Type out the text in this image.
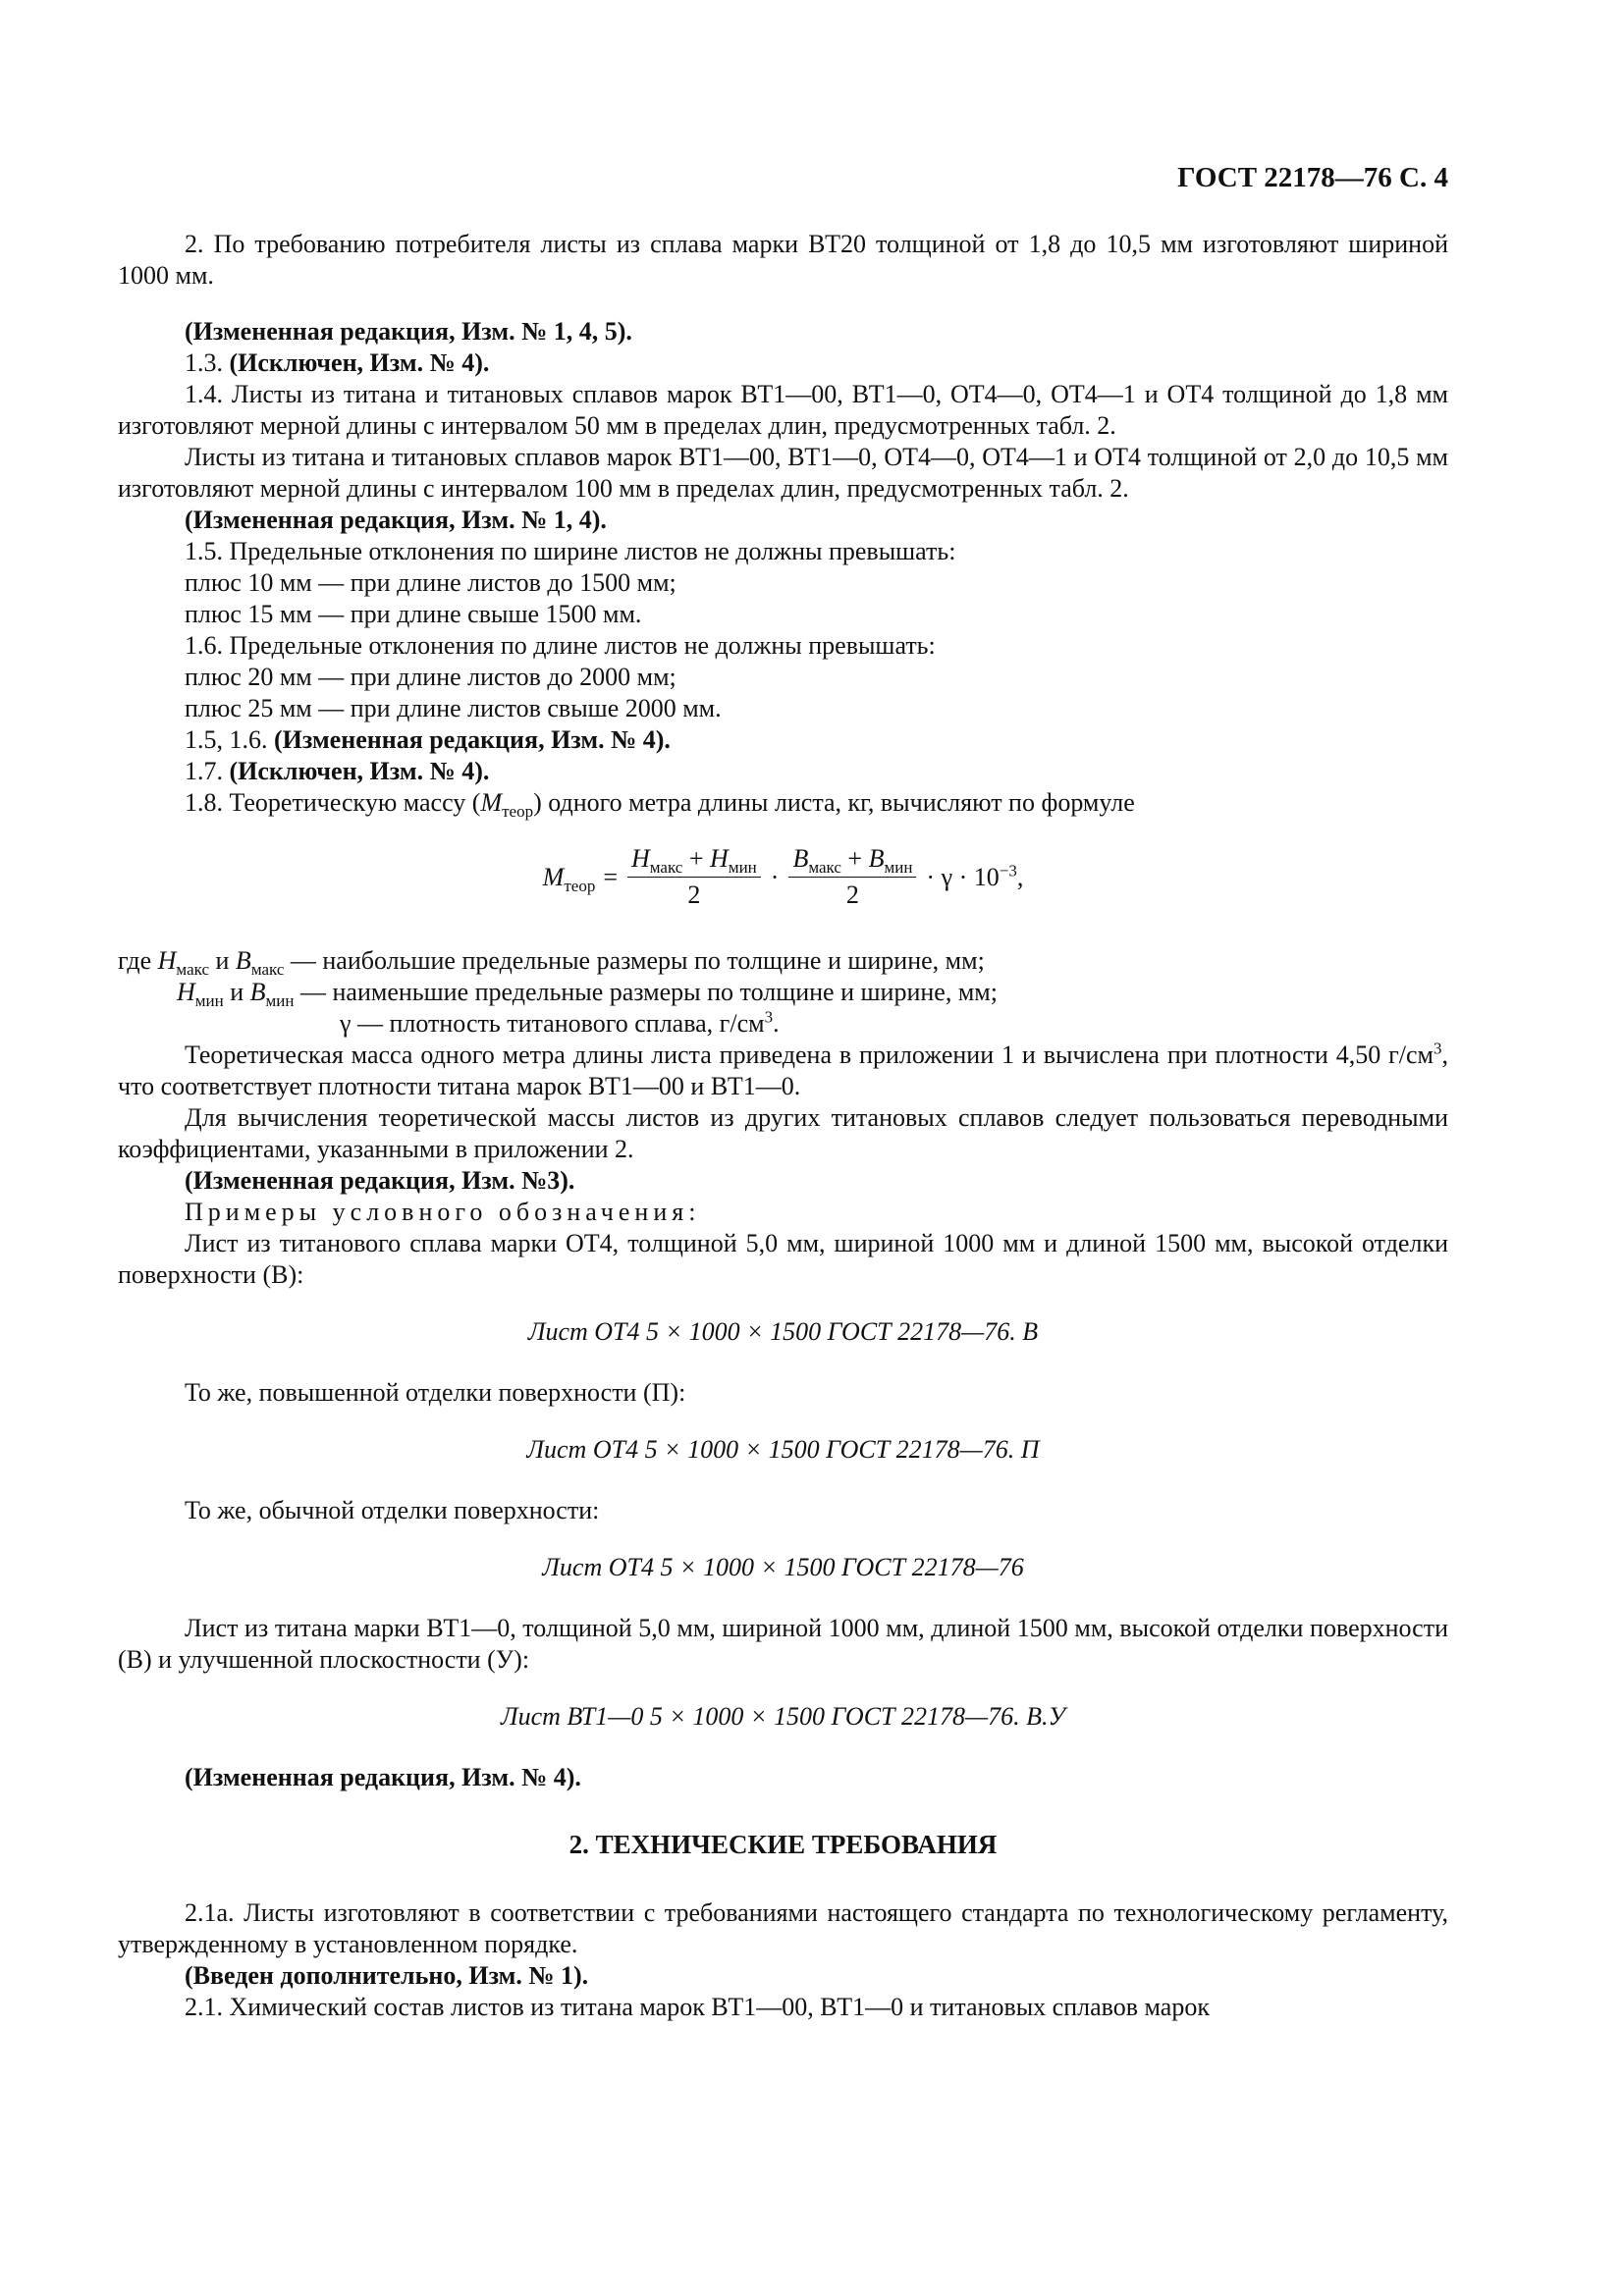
ГОСТ 22178—76 С. 4

2. По требованию потребителя листы из сплава марки ВТ20 толщиной от 1,8 до 10,5 мм изготовляют шириной 1000 мм.

(Измененная редакция, Изм. № 1, 4, 5).

1.3. (Исключен, Изм. № 4).

1.4. Листы из титана и титановых сплавов марок ВТ1—00, ВТ1—0, ОТ4—0, ОТ4—1 и ОТ4 толщиной до 1,8 мм изготовляют мерной длины с интервалом 50 мм в пределах длин, предусмотренных табл. 2.

Листы из титана и титановых сплавов марок ВТ1—00, ВТ1—0, ОТ4—0, ОТ4—1 и ОТ4 толщиной от 2,0 до 10,5 мм изготовляют мерной длины с интервалом 100 мм в пределах длин, предусмотренных табл. 2.

(Измененная редакция, Изм. № 1, 4).

1.5. Предельные отклонения по ширине листов не должны превышать:

плюс 10 мм — при длине листов до 1500 мм;

плюс 15 мм — при длине свыше 1500 мм.

1.6. Предельные отклонения по длине листов не должны превышать:

плюс 20 мм — при длине листов до 2000 мм;

плюс 25 мм — при длине листов свыше 2000 мм.

1.5, 1.6. (Измененная редакция, Изм. № 4).

1.7. (Исключен, Изм. № 4).

1.8. Теоретическую массу $(M_{теор})$ одного метра длины листа, кг, вычисляют по формуле

$M_{теор} = \frac{H_{макс} + H_{мин}}{2} \cdot \frac{B_{макс} + B_{мин}}{2} \cdot \gamma \cdot 10^{-3}$,

где $H_{макс}$ и $B_{макс}$ — наибольшие предельные размеры по толщине и ширине, мм;

$H_{мин}$ и $B_{мин}$ — наименьшие предельные размеры по толщине и ширине, мм;

γ — плотность титанового сплава, $г/см^3$.

Теоретическая масса одного метра длины листа приведена в приложении 1 и вычислена при плотности 4,50 $г/см^3$, что соответствует плотности титана марок ВТ1—00 и ВТ1—0.

Для вычисления теоретической массы листов из других титановых сплавов следует пользоваться переводными коэффициентами, указанными в приложении 2.

(Измененная редакция, Изм. №3).

Примеры условного обозначения:

Лист из титанового сплава марки ОТ4, толщиной 5,0 мм, шириной 1000 мм и длиной 1500 мм, высокой отделки поверхности (В):

Лист ОТ4 5 × 1000 × 1500 ГОСТ 22178—76. В

То же, повышенной отделки поверхности (П):

Лист ОТ4 5 × 1000 × 1500 ГОСТ 22178—76. П

То же, обычной отделки поверхности:

Лист ОТ4 5 × 1000 × 1500 ГОСТ 22178—76

Лист из титана марки ВТ1—0, толщиной 5,0 мм, шириной 1000 мм, длиной 1500 мм, высокой отделки поверхности (В) и улучшенной плоскостности (У):

Лист ВТ1—0 5 × 1000 × 1500 ГОСТ 22178—76. В.У

(Измененная редакция, Изм. № 4).

2. ТЕХНИЧЕСКИЕ ТРЕБОВАНИЯ

2.1а. Листы изготовляют в соответствии с требованиями настоящего стандарта по технологическому регламенту, утвержденному в установленном порядке.

(Введен дополнительно, Изм. № 1).

2.1. Химический состав листов из титана марок ВТ1—00, ВТ1—0 и титановых сплавов марок
